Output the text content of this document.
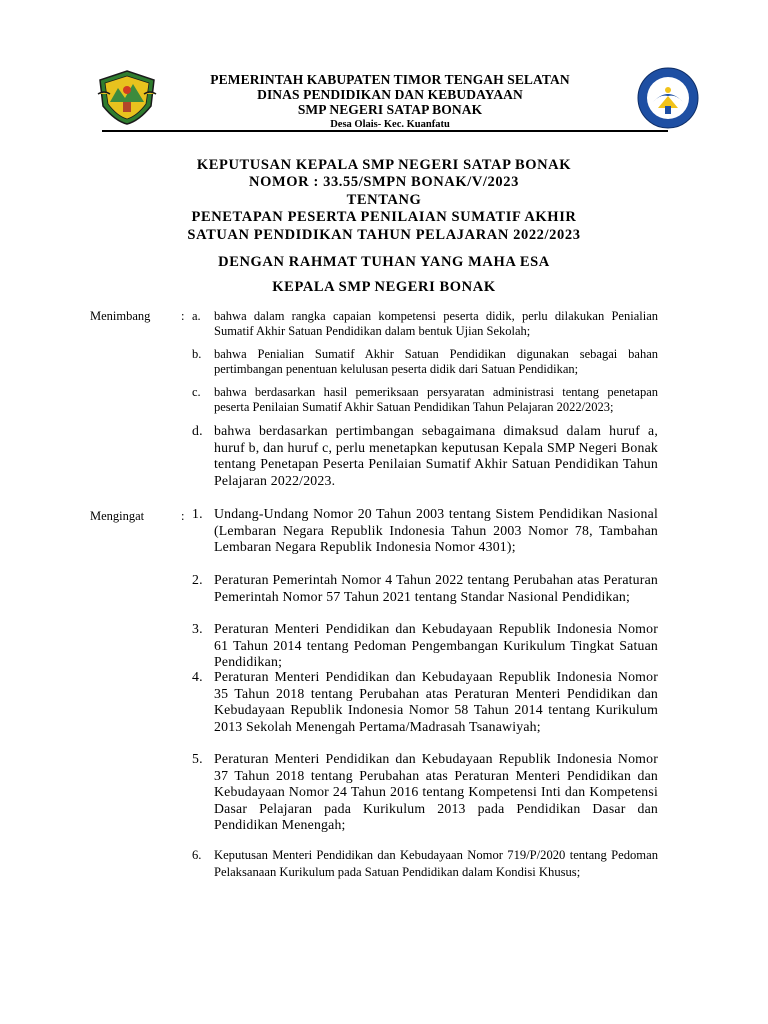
PEMERINTAH KABUPATEN TIMOR TENGAH SELATAN
DINAS PENDIDIKAN DAN KEBUDAYAAN
SMP NEGERI SATAP BONAK
Desa Olais- Kec. Kuanfatu
KEPUTUSAN KEPALA SMP NEGERI SATAP BONAK
NOMOR : 33.55/SMPN BONAK/V/2023
TENTANG
PENETAPAN PESERTA PENILAIAN SUMATIF AKHIR
SATUAN PENDIDIKAN TAHUN PELAJARAN 2022/2023
DENGAN RAHMAT TUHAN YANG MAHA ESA
KEPALA SMP NEGERI BONAK
Menimbang : a. bahwa dalam rangka capaian kompetensi peserta didik, perlu dilakukan Penialian Sumatif Akhir Satuan Pendidikan dalam bentuk Ujian Sekolah;
b. bahwa Penialian Sumatif Akhir Satuan Pendidikan digunakan sebagai bahan pertimbangan penentuan kelulusan peserta didik dari Satuan Pendidikan;
c. bahwa berdasarkan hasil pemeriksaan persyaratan administrasi tentang penetapan peserta Penilaian Sumatif Akhir Satuan Pendidikan Tahun Pelajaran 2022/2023;
d. bahwa berdasarkan pertimbangan sebagaimana dimaksud dalam huruf a, huruf b, dan huruf c, perlu menetapkan keputusan Kepala SMP Negeri Bonak tentang Penetapan Peserta Penilaian Sumatif Akhir Satuan Pendidikan Tahun Pelajaran 2022/2023.
Mengingat	: 1. Undang-Undang Nomor 20 Tahun 2003 tentang Sistem Pendidikan Nasional (Lembaran Negara Republik Indonesia Tahun 2003 Nomor 78, Tambahan Lembaran Negara Republik Indonesia Nomor 4301);
2. Peraturan Pemerintah Nomor 4 Tahun 2022 tentang Perubahan atas Peraturan Pemerintah Nomor 57 Tahun 2021 tentang Standar Nasional Pendidikan;
3. Peraturan Menteri Pendidikan dan Kebudayaan Republik Indonesia Nomor 61 Tahun 2014 tentang Pedoman Pengembangan Kurikulum Tingkat Satuan Pendidikan;
4. Peraturan Menteri Pendidikan dan Kebudayaan Republik Indonesia Nomor 35 Tahun 2018 tentang Perubahan atas Peraturan Menteri Pendidikan dan Kebudayaan Republik Indonesia Nomor 58 Tahun 2014 tentang Kurikulum 2013 Sekolah Menengah Pertama/Madrasah Tsanawiyah;
5. Peraturan Menteri Pendidikan dan Kebudayaan Republik Indonesia Nomor 37 Tahun 2018 tentang Perubahan atas Peraturan Menteri Pendidikan dan Kebudayaan Nomor 24 Tahun 2016 tentang Kompetensi Inti dan Kompetensi Dasar Pelajaran pada Kurikulum 2013 pada Pendidikan Dasar dan Pendidikan Menengah;
6. Keputusan Menteri Pendidikan dan Kebudayaan Nomor 719/P/2020 tentang Pedoman Pelaksanaan Kurikulum pada Satuan Pendidikan dalam Kondisi Khusus;
